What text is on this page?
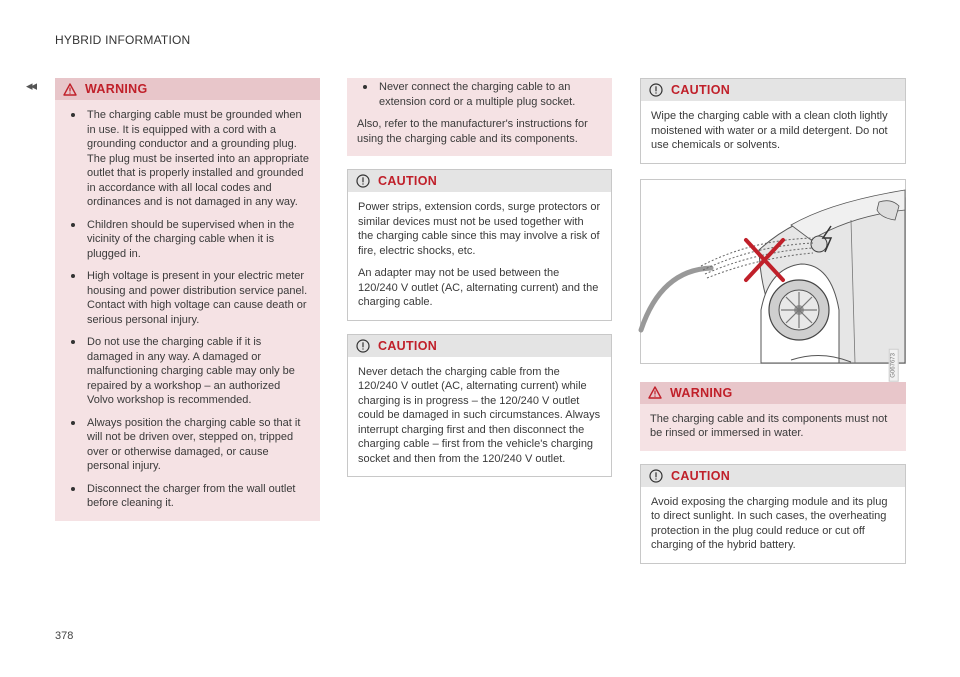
HYBRID INFORMATION
◂◂	WARNING
The charging cable must be grounded when in use. It is equipped with a cord with a grounding conductor and a grounding plug. The plug must be inserted into an appropriate outlet that is properly installed and grounded in accordance with all local codes and ordinances and is not damaged in any way.
Children should be supervised when in the vicinity of the charging cable when it is plugged in.
High voltage is present in your electric meter housing and power distribution service panel. Contact with high voltage can cause death or serious personal injury.
Do not use the charging cable if it is damaged in any way. A damaged or malfunctioning charging cable may only be repaired by a workshop – an authorized Volvo workshop is recommended.
Always position the charging cable so that it will not be driven over, stepped on, tripped over or otherwise damaged, or cause personal injury.
Disconnect the charger from the wall outlet before cleaning it.
Never connect the charging cable to an extension cord or a multiple plug socket.

Also, refer to the manufacturer's instructions for using the charging cable and its components.

CAUTION

Power strips, extension cords, surge protectors or similar devices must not be used together with the charging cable since this may involve a risk of fire, electric shocks, etc.

An adapter may not be used between the 120/240 V outlet (AC, alternating current) and the charging cable.

CAUTION

Never detach the charging cable from the 120/240 V outlet (AC, alternating current) while charging is in progress – the 120/240 V outlet could be damaged in such circumstances. Always interrupt charging first and then disconnect the charging cable – first from the vehicle's charging socket and then from the 120/240 V outlet.

CAUTION

Wipe the charging cable with a clean cloth lightly moistened with water or a mild detergent. Do not use chemicals or solvents.

G067673
WARNING

The charging cable and its components must not be rinsed or immersed in water.

CAUTION

Avoid exposing the charging module and its plug to direct sunlight. In such cases, the overheating protection in the plug could reduce or cut off charging of the hybrid battery.

378
